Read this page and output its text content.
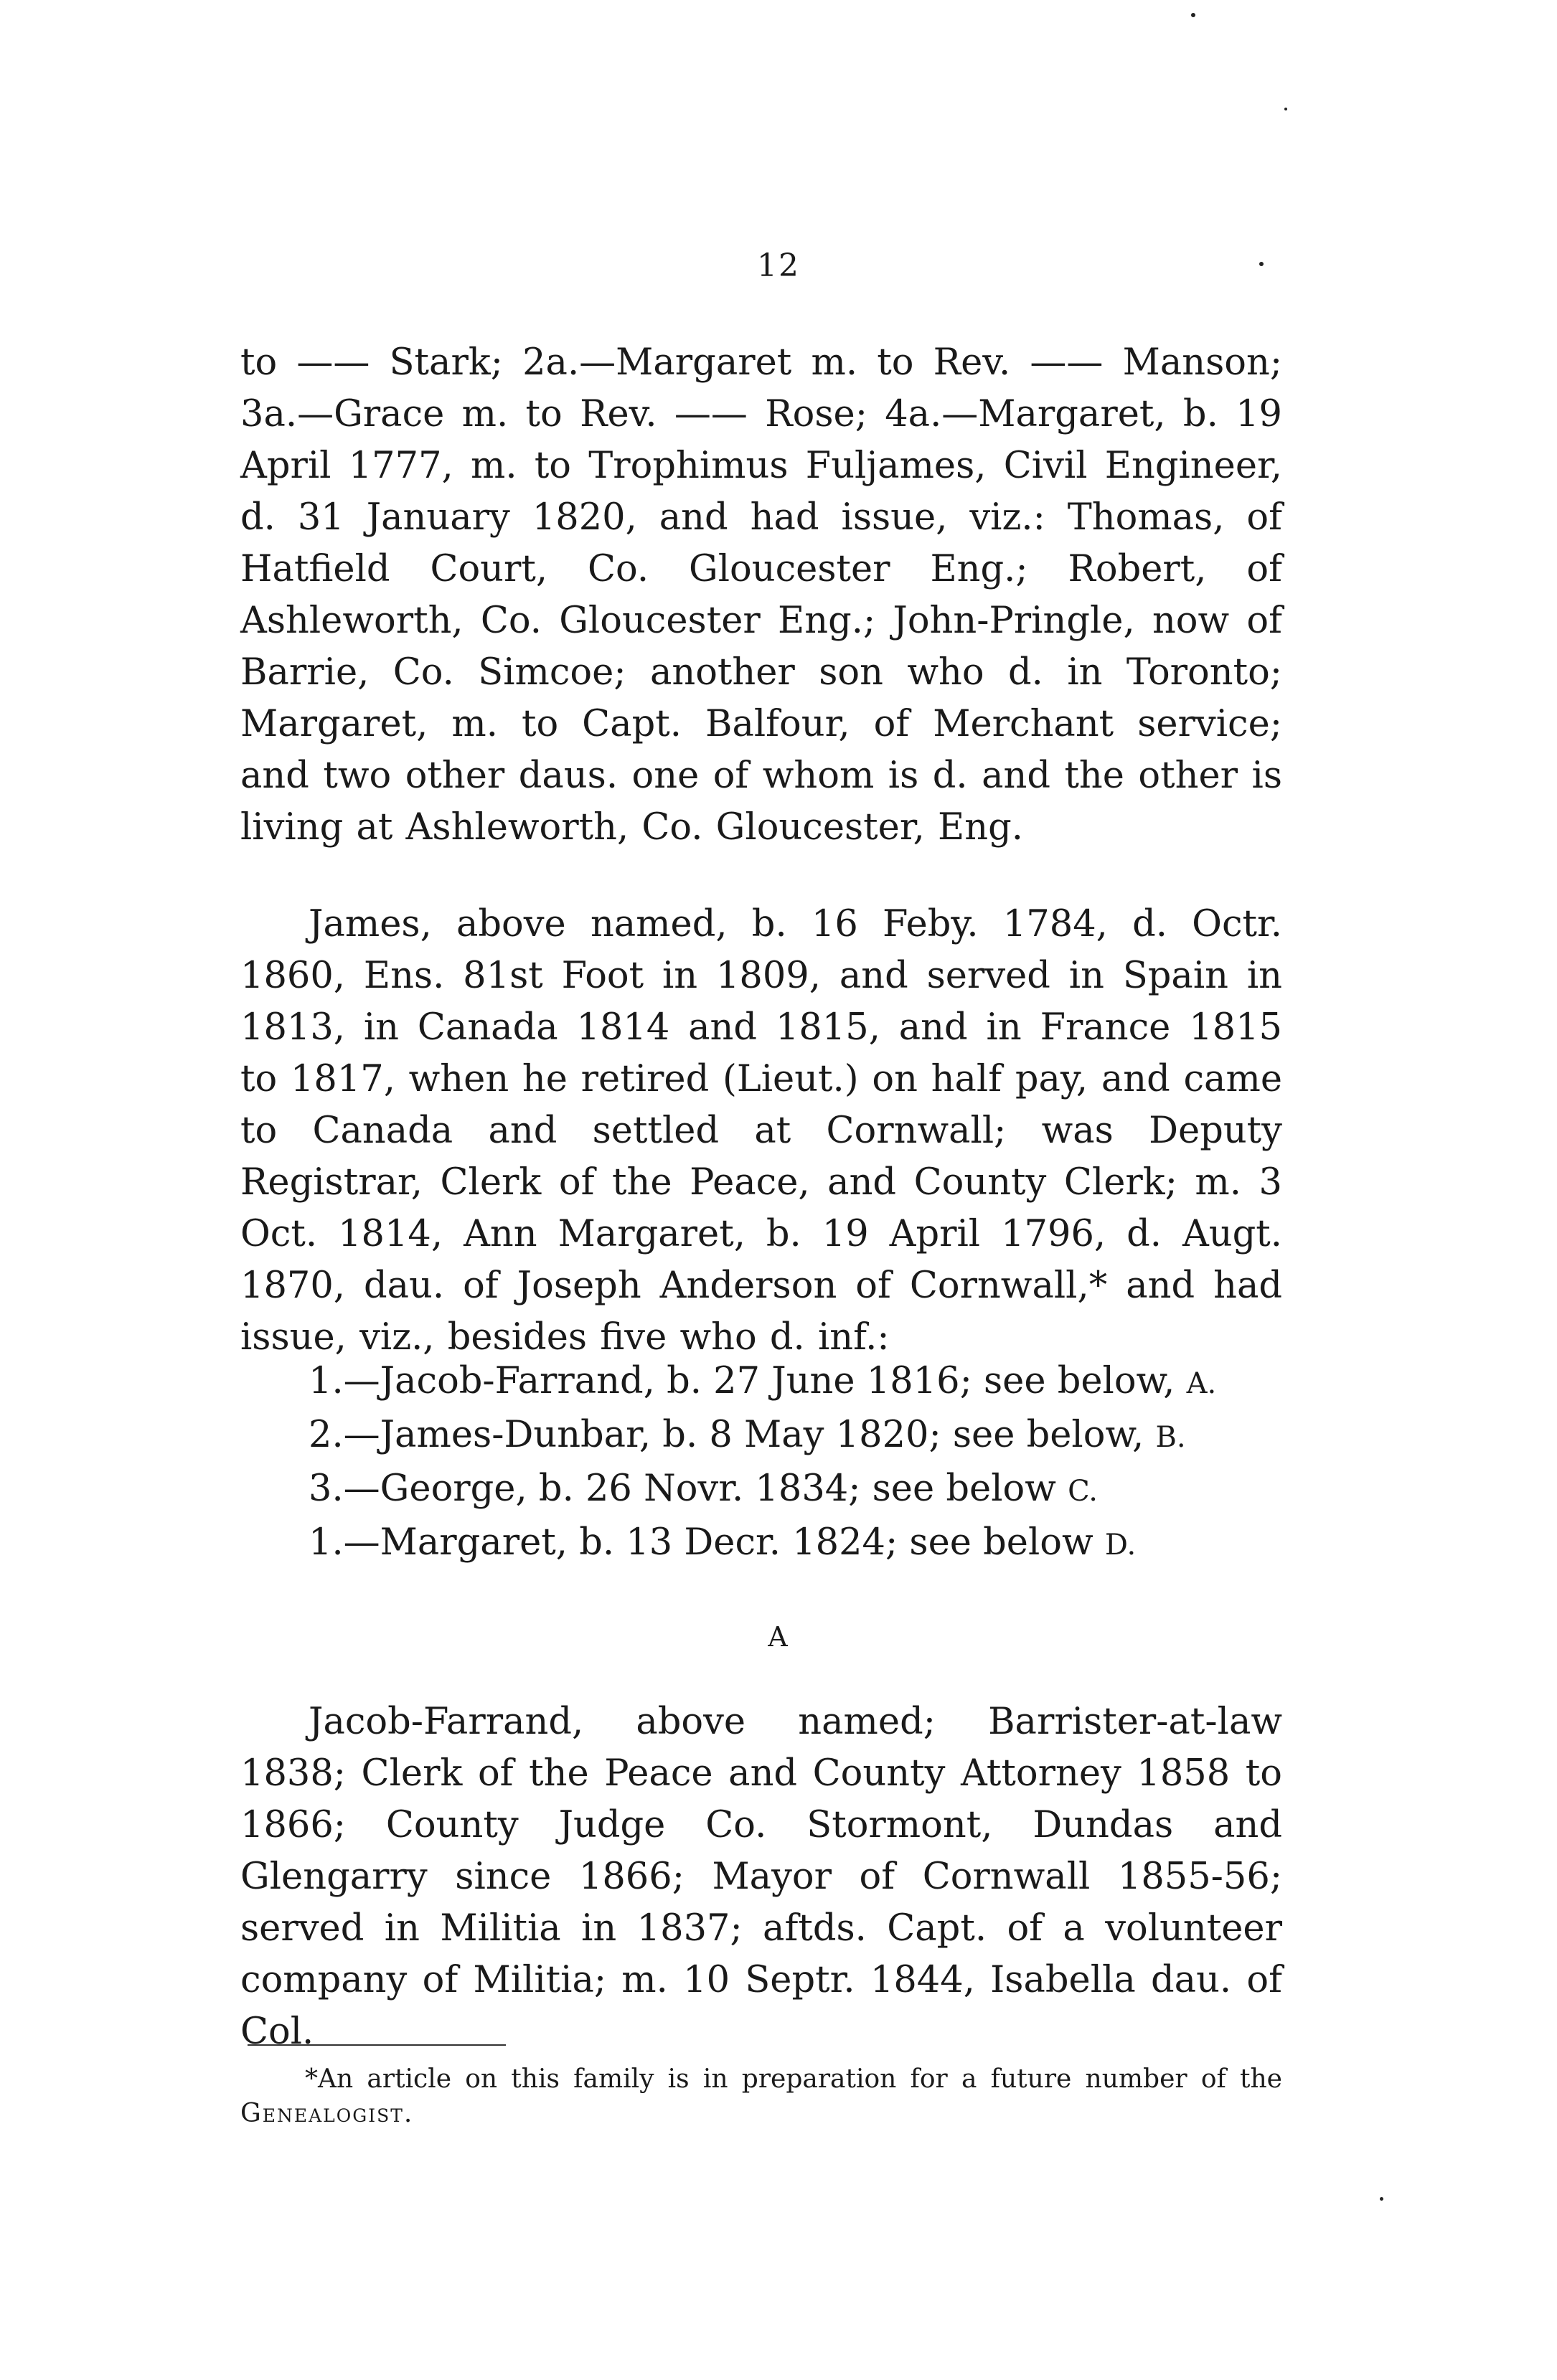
12

to —— Stark; 2a.—Margaret m. to Rev. —— Manson; 3a.—Grace m. to Rev. —— Rose; 4a.—Margaret, b. 19 April 1777, m. to Trophimus Fuljames, Civil Engineer, d. 31 January 1820, and had issue, viz.: Thomas, of Hatfield Court, Co. Gloucester Eng.; Robert, of Ashleworth, Co. Gloucester Eng.; John-Pringle, now of Barrie, Co. Simcoe; another son who d. in Toronto; Margaret, m. to Capt. Balfour, of Merchant service; and two other daus. one of whom is d. and the other is living at Ashleworth, Co. Gloucester, Eng.

James, above named, b. 16 Feby. 1784, d. Octr. 1860, Ens. 81st Foot in 1809, and served in Spain in 1813, in Canada 1814 and 1815, and in France 1815 to 1817, when he retired (Lieut.) on half pay, and came to Canada and settled at Cornwall; was Deputy Registrar, Clerk of the Peace, and County Clerk; m. 3 Oct. 1814, Ann Margaret, b. 19 April 1796, d. Augt. 1870, dau. of Joseph Anderson of Cornwall,* and had issue, viz., besides five who d. inf.:

1.—Jacob-Farrand, b. 27 June 1816; see below, A.
2.—James-Dunbar, b. 8 May 1820; see below, B.
3.—George, b. 26 Novr. 1834; see below C.
1.—Margaret, b. 13 Decr. 1824; see below D.
A

Jacob-Farrand, above named; Barrister-at-law 1838; Clerk of the Peace and County Attorney 1858 to 1866; County Judge Co. Stormont, Dundas and Glengarry since 1866; Mayor of Cornwall 1855-56; served in Militia in 1837; aftds. Capt. of a volunteer company of Militia; m. 10 Septr. 1844, Isabella dau. of Col.

*An article on this family is in preparation for a future number of the Genealogist.
